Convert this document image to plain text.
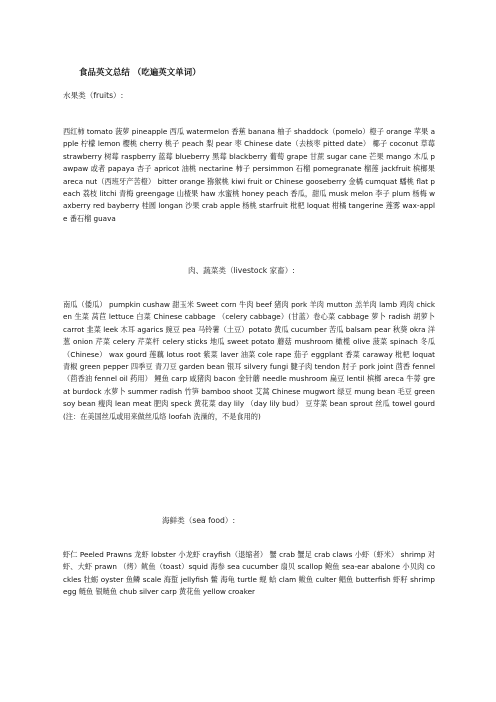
食品英文总结 （吃遍英文单词）
水果类（fruits）:
西红柿 tomato 菠萝 pineapple 西瓜 watermelon 香蕉 banana 柚子 shaddock（pomelo）橙子 orange 苹果 apple 柠檬 lemon 樱桃 cherry 桃子 peach 梨 pear 枣 Chinese date（去核枣 pitted date） 椰子 coconut 草莓 strawberry 树莓 raspberry 蓝莓 blueberry 黑莓 blackberry 葡萄 grape 甘蔗 sugar cane 芒果 mango 木瓜 pawpaw 或者 papaya 杏子 apricot 油桃 nectarine 柿子 persimmon 石榴 pomegranate 榴莲 jackfruit 槟榔果 areca nut（西班牙产苦橙） bitter orange 猕猴桃 kiwi fruit or Chinese gooseberry 金橘 cumquat 蟠桃 flat peach 荔枝 litchi 青梅 greengage 山楂果 haw 水蜜桃 honey peach 香瓜，甜瓜 musk melon 李子 plum 杨梅 waxberry red bayberry 桂圆 longan 沙果 crab apple 杨桃 starfruit 枇杷 loquat 柑橘 tangerine 莲雾 wax-apple 番石榴 guava
肉、蔬菜类（livestock 家畜）:
南瓜（倭瓜） pumpkin cushaw 甜玉米 Sweet corn 牛肉 beef 猪肉 pork 羊肉 mutton 羔羊肉 lamb 鸡肉 chicken 生菜 莴苣 lettuce 白菜 Chinese cabbage （celery cabbage）(甘蓝）卷心菜 cabbage 萝卜 radish 胡萝卜 carrot 韭菜 leek 木耳 agarics 豌豆 pea 马铃薯（土豆）potato 黄瓜 cucumber 苦瓜 balsam pear 秋葵 okra 洋葱 onion 芹菜 celery 芹菜杆 celery sticks 地瓜 sweet potato 蘑菇 mushroom 橄榄 olive 菠菜 spinach 冬瓜 （Chinese） wax gourd 莲藕 lotus root 紫菜 laver 油菜 cole rape 茄子 eggplant 香菜 caraway 枇杷 loquat 青椒 green pepper 四季豆 青刀豆 garden bean 银耳 silvery fungi 腱子肉 tendon 肘子 pork joint 茴香 fennel（茴香油 fennel oil 药用） 鲤鱼 carp 咸猪肉 bacon 金针蘑 needle mushroom 扁豆 lentil 槟榔 areca 牛蒡 great burdock 水萝卜 summer radish 竹笋 bamboo shoot 艾蒿 Chinese mugwort 绿豆 mung bean 毛豆 green soy bean 瘦肉 lean meat 肥肉 speck 黄花菜 day lily （day lily bud） 豆芽菜 bean sprout 丝瓜 towel gourd (注：在美国丝瓜或用来做丝瓜络 loofah 洗澡的，不是食用的)
海鲜类（sea food）:
虾仁 Peeled Prawns 龙虾 lobster 小龙虾 crayfish（退缩者） 蟹 crab 蟹足 crab claws 小虾（虾米） shrimp 对虾、大虾 prawn （烤）鱿鱼（toast）squid 海参 sea cucumber 扇贝 scallop 鲍鱼 sea-ear abalone 小贝肉 cockles 牡蛎 oyster 鱼鳞 scale 海蜇 jellyfish 鳖 海龟 turtle 蚬 蛤 clam 鲅鱼 culter 鲳鱼 butterfish 虾籽 shrimp egg 鲢鱼 银鲢鱼 chub silver carp 黄花鱼 yellow croaker
